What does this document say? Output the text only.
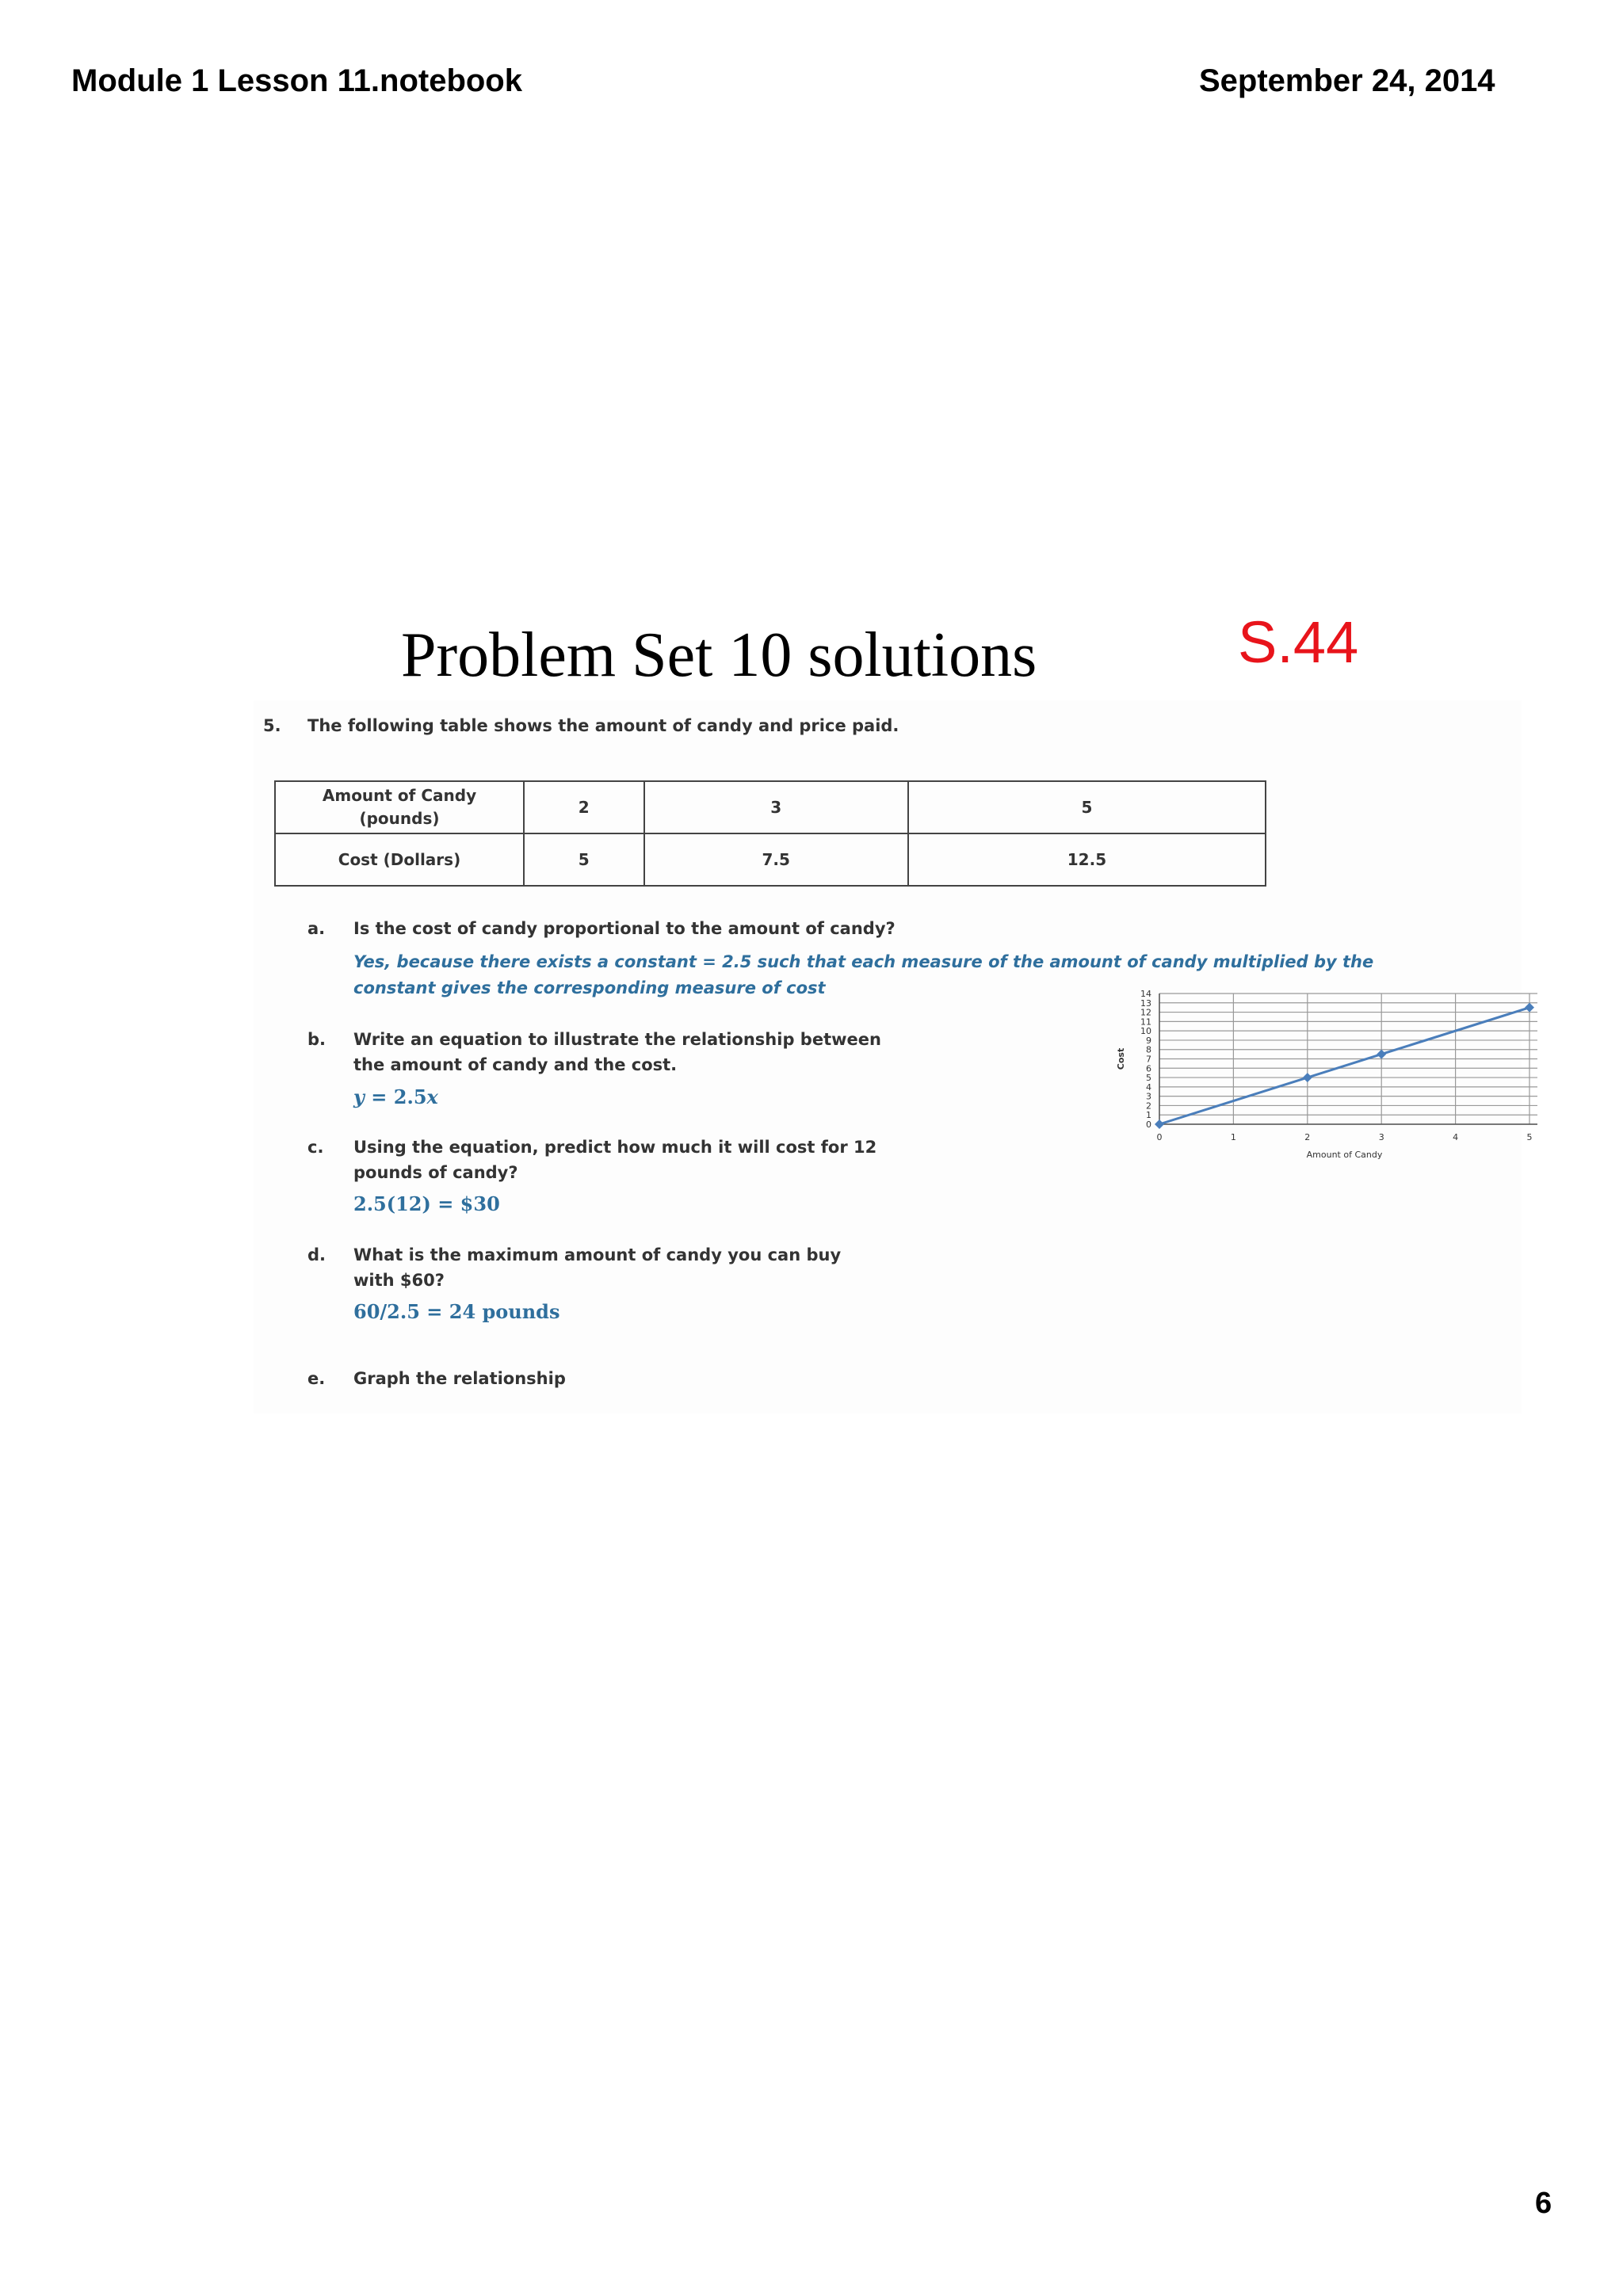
Module 1 Lesson 11.notebook	September 24, 2014
Problem Set 10 solutions	S.44
5. The following table shows the amount of candy and price paid.
Amount of Candy
(pounds)	2	3	5
Cost (Dollars)	5	7.5	12.5
a. Is the cost of candy proportional to the amount of candy?
Yes, because there exists a constant = 2.5 such that each measure of the amount of candy multiplied by the
constant gives the corresponding measure of cost
b. Write an equation to illustrate the relationship between
the amount of candy and the cost.
y = 2.5x
c. Using the equation, predict how much it will cost for 12
pounds of candy?
2.5(12) = $30
d. What is the maximum amount of candy you can buy
with $60?
60/2.5 = 24 pounds
e. Graph the relationship
0
1
2
3
4
5
6
7
8
9
10
11
12
13
14
0	1	2	3	4	5
Amount of Candy
Cost
6
